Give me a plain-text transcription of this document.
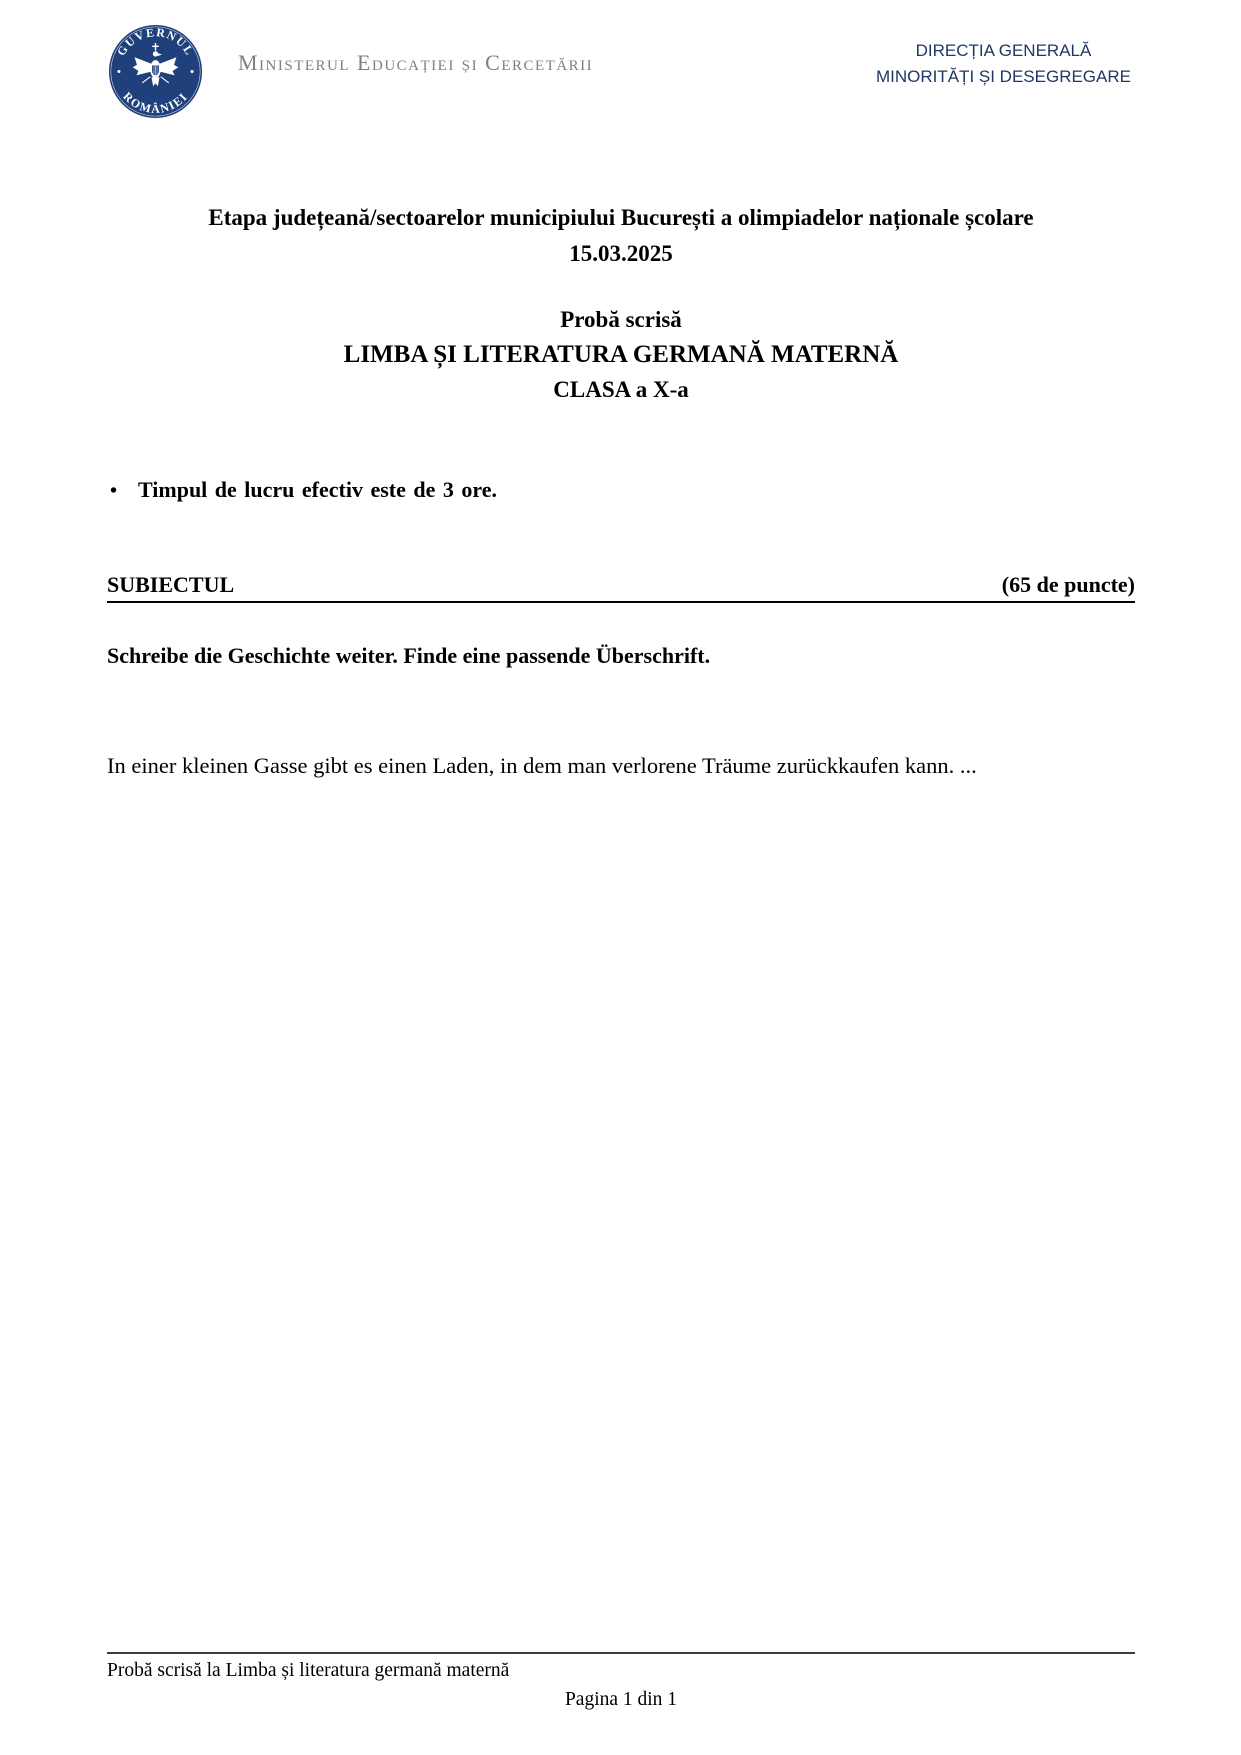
GUVERNUL
ROMÂNIEI
Ministerul Educației și Cercetării	DIRECȚIA GENERALĂ
MINORITĂȚI ȘI DESEGREGARE
Etapa județeană/sectoarelor municipiului București a olimpiadelor naționale școlare
15.03.2025
Probă scrisă
LIMBA ȘI LITERATURA GERMANĂ MATERNĂ
CLASA a X-a
• Timpul de lucru efectiv este de 3 ore.
SUBIECTUL	(65 de puncte)
Schreibe die Geschichte weiter. Finde eine passende Überschrift.
In einer kleinen Gasse gibt es einen Laden, in dem man verlorene Träume zurückkaufen kann. ...
Probă scrisă la Limba și literatura germană maternă
Pagina 1 din 1
